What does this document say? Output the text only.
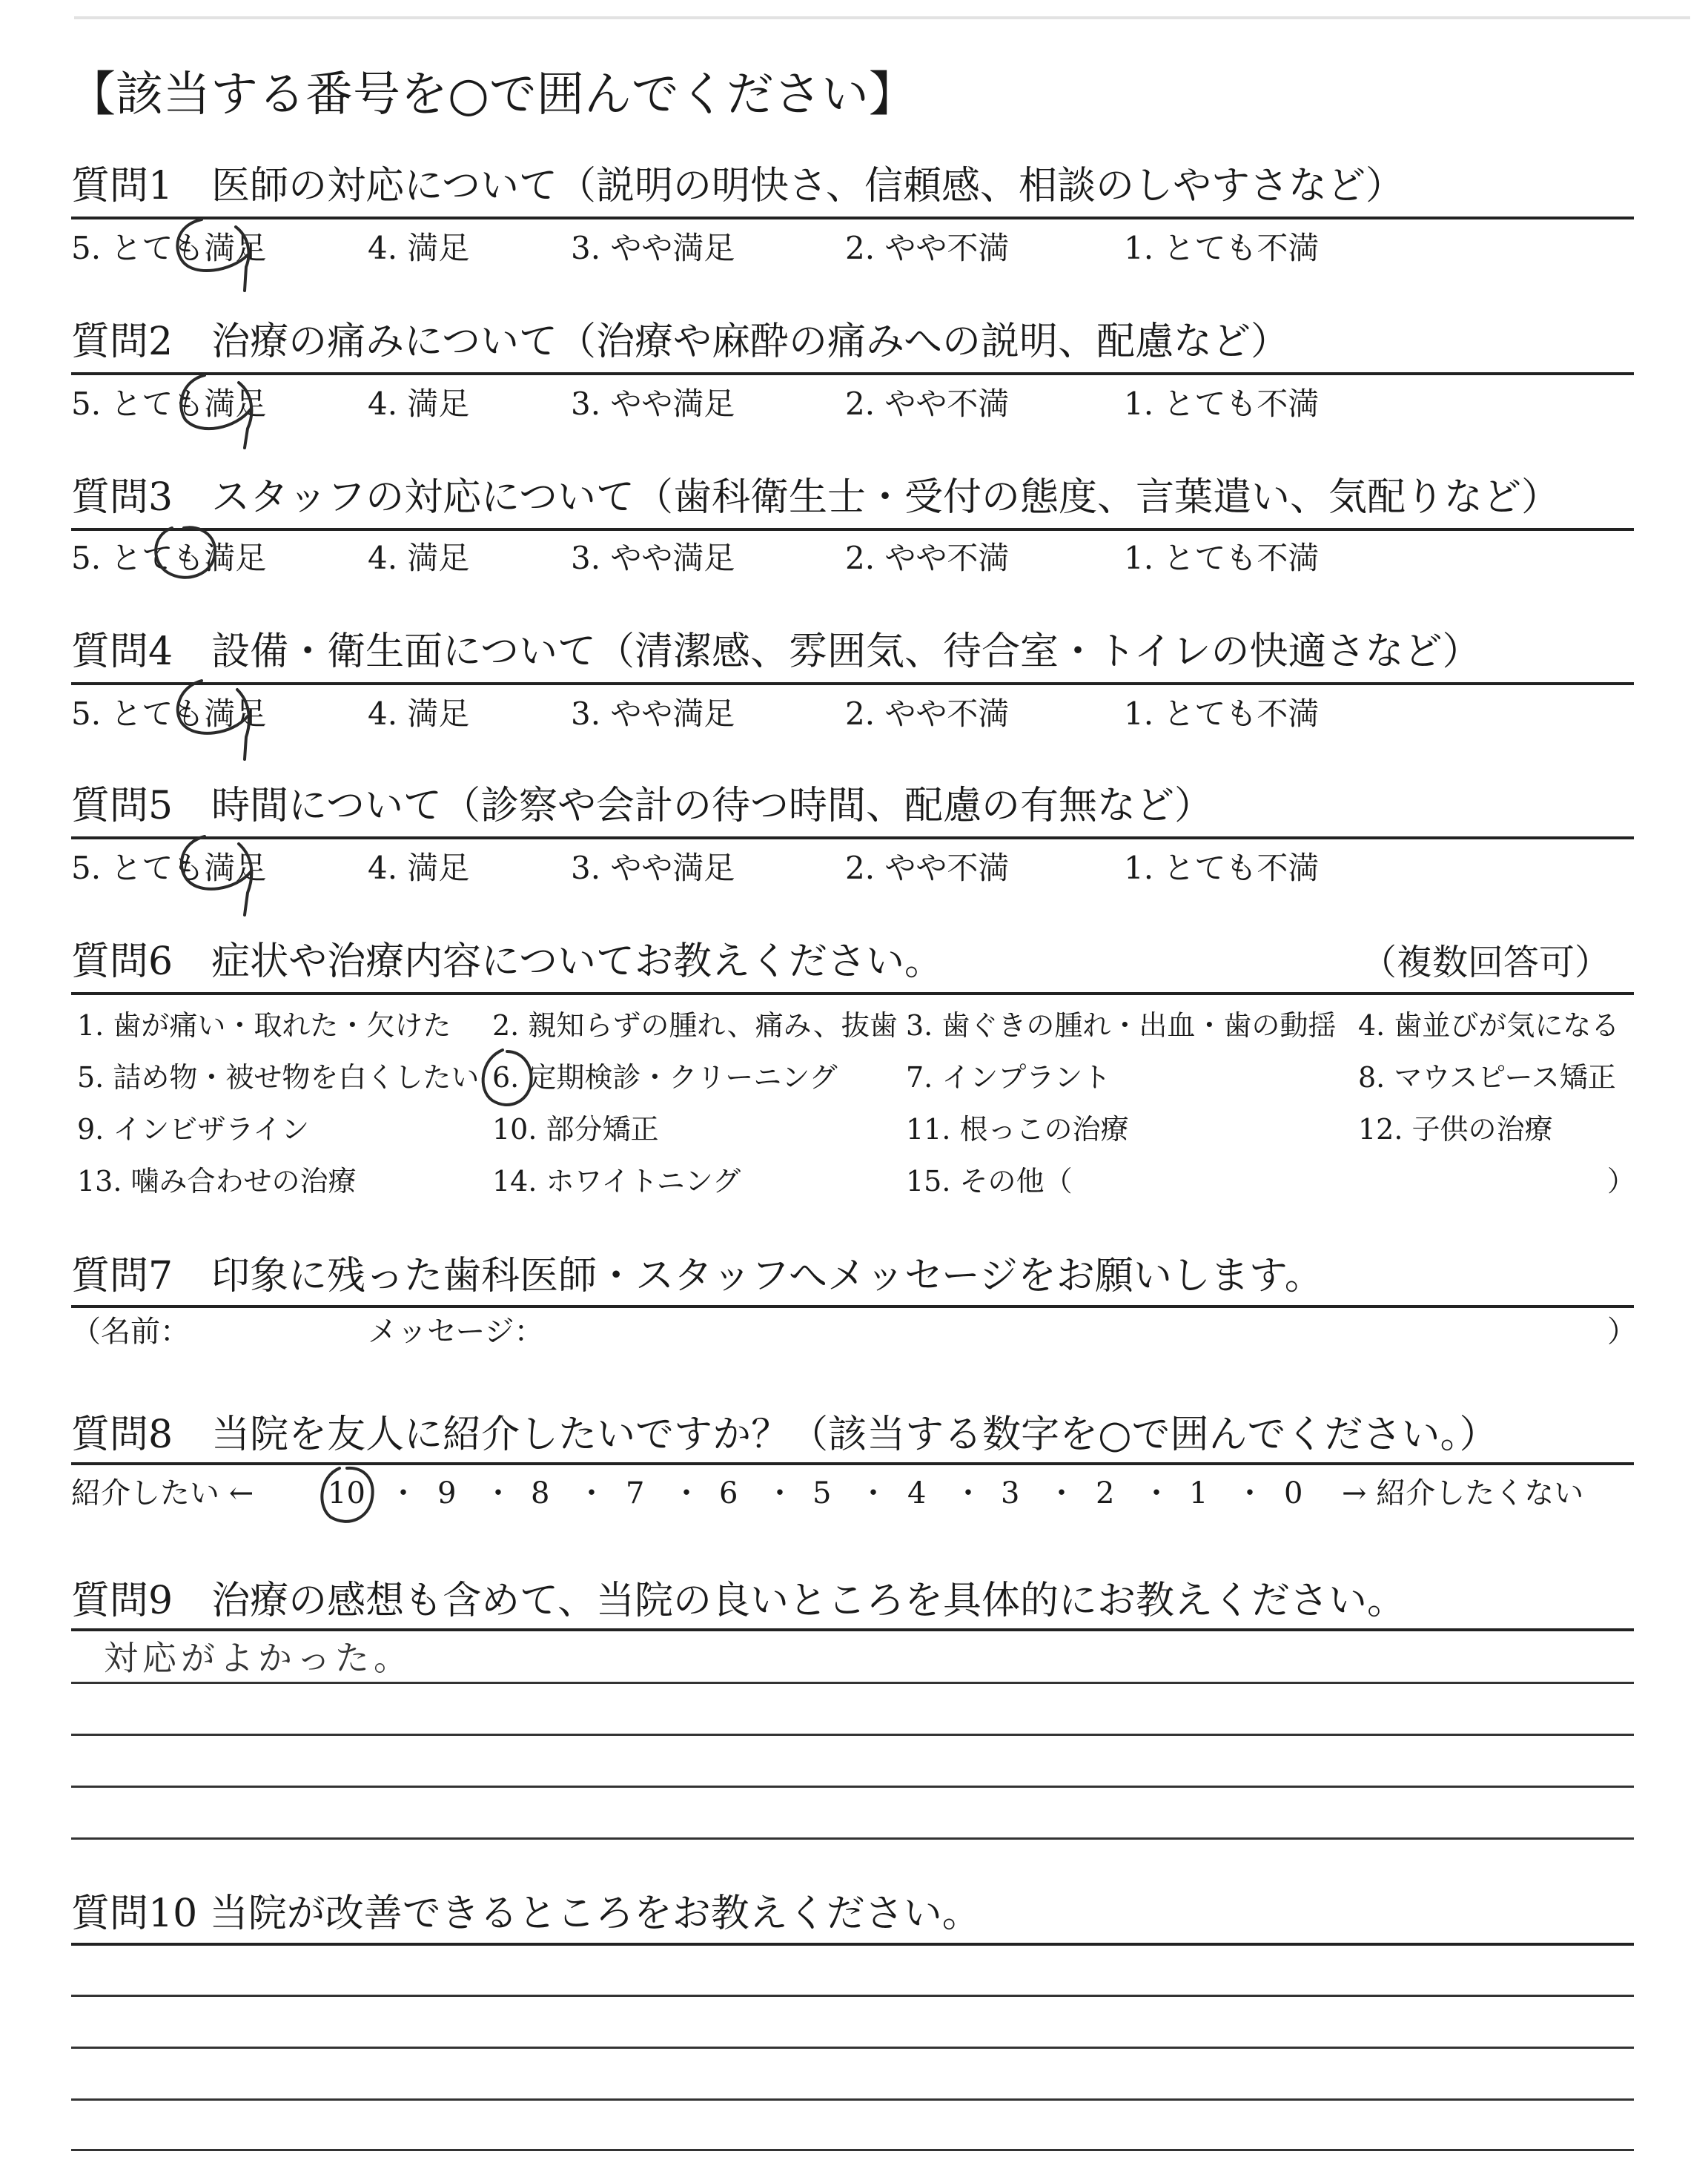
【該当する番号を○で囲んでください】
質問1　医師の対応について（説明の明快さ、信頼感、相談のしやすさなど）
5. とても満足	4. 満足	3. やや満足	2. やや不満	1. とても不満
質問2　治療の痛みについて（治療や麻酔の痛みへの説明、配慮など）
5. とても満足	4. 満足	3. やや満足	2. やや不満	1. とても不満
質問3　スタッフの対応について（歯科衛生士・受付の態度、言葉遣い、気配りなど）
5. とても満足	4. 満足	3. やや満足	2. やや不満	1. とても不満
質問4　設備・衛生面について（清潔感、雰囲気、待合室・トイレの快適さなど）
5. とても満足	4. 満足	3. やや満足	2. やや不満	1. とても不満
質問5　時間について（診察や会計の待つ時間、配慮の有無など）
5. とても満足	4. 満足	3. やや満足	2. やや不満	1. とても不満
質問6　症状や治療内容についてお教えください。	（複数回答可）
1. 歯が痛い・取れた・欠けた 2. 親知らずの腫れ、痛み、抜歯 3. 歯ぐきの腫れ・出血・歯の動揺 4. 歯並びが気になる
5. 詰め物・被せ物を白くしたい 6. 定期検診・クリーニング 7. インプラント	8. マウスピース矯正
9. インビザライン	10. 部分矯正	11. 根っこの治療	12. 子供の治療
13. 噛み合わせの治療	14. ホワイトニング	15. その他（	）
質問7　印象に残った歯科医師・スタッフへメッセージをお願いします。
（名前：	メッセージ：	）
質問8　当院を友人に紹介したいですか？（該当する数字を○で囲んでください。）
紹介したい ←	→ 紹介したくない
10 ・ 9 ・ 8 ・ 7 ・ 6 ・ 5 ・ 4 ・ 3 ・ 2 ・ 1 ・ 0
質問9　治療の感想も含めて、当院の良いところを具体的にお教えください。
対応がよかった。
質問10 当院が改善できるところをお教えください。
